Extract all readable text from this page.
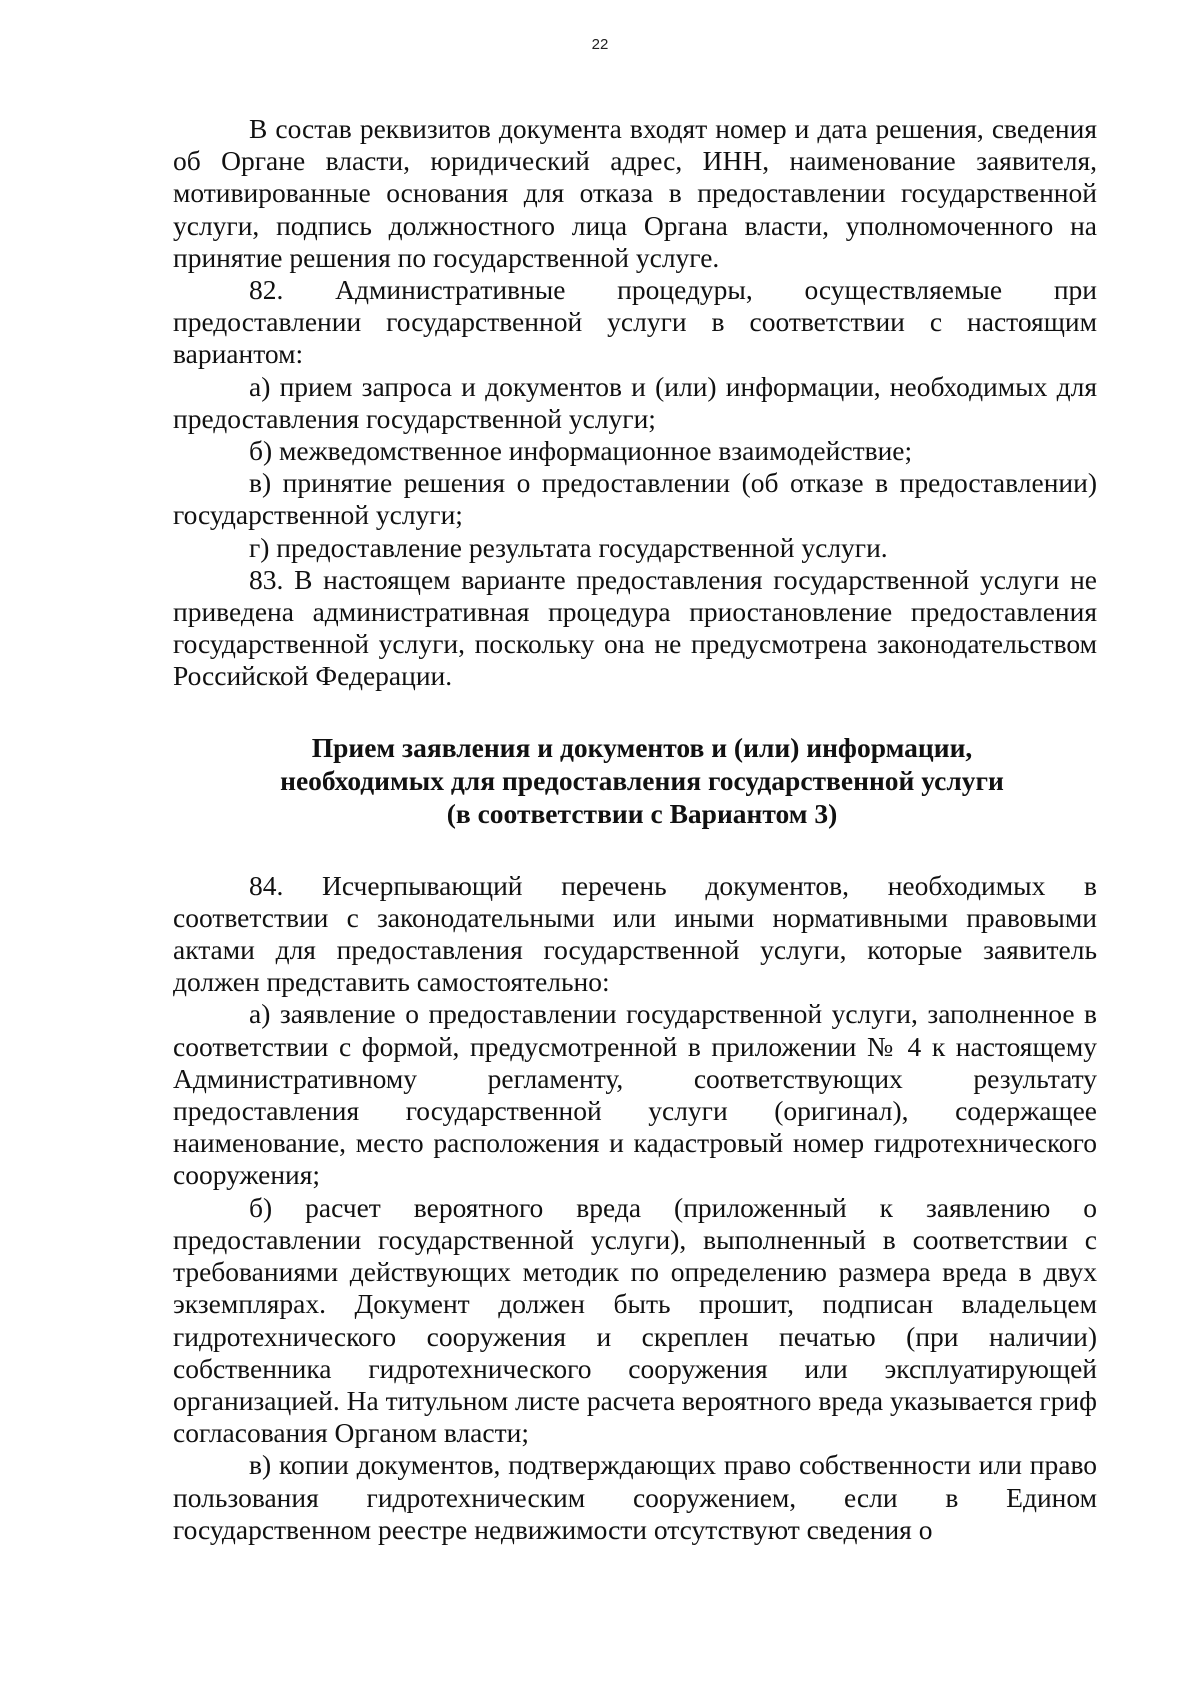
22

В состав реквизитов документа входят номер и дата решения, сведения об Органе власти, юридический адрес, ИНН, наименование заявителя, мотивированные основания для отказа в предоставлении государственной услуги, подпись должностного лица Органа власти, уполномоченного на принятие решения по государственной услуге.

82. Административные процедуры, осуществляемые при предоставлении государственной услуги в соответствии с настоящим вариантом:

а) прием запроса и документов и (или) информации, необходимых для предоставления государственной услуги;

б) межведомственное информационное взаимодействие;

в) принятие решения о предоставлении (об отказе в предоставлении) государственной услуги;

г) предоставление результата государственной услуги.

83. В настоящем варианте предоставления государственной услуги не приведена административная процедура приостановление предоставления государственной услуги, поскольку она не предусмотрена законодательством Российской Федерации.

Прием заявления и документов и (или) информации,
необходимых для предоставления государственной услуги
(в соответствии с Вариантом 3)

84. Исчерпывающий перечень документов, необходимых в соответствии с законодательными или иными нормативными правовыми актами для предоставления государственной услуги, которые заявитель должен представить самостоятельно:

а) заявление о предоставлении государственной услуги, заполненное в соответствии с формой, предусмотренной в приложении № 4 к настоящему Административному регламенту, соответствующих результату предоставления государственной услуги (оригинал), содержащее наименование, место расположения и кадастровый номер гидротехнического сооружения;

б) расчет вероятного вреда (приложенный к заявлению о предоставлении государственной услуги), выполненный в соответствии с требованиями действующих методик по определению размера вреда в двух экземплярах. Документ должен быть прошит, подписан владельцем гидротехнического сооружения и скреплен печатью (при наличии) собственника гидротехнического сооружения или эксплуатирующей организацией. На титульном листе расчета вероятного вреда указывается гриф согласования Органом власти;

в) копии документов, подтверждающих право собственности или право пользования гидротехническим сооружением, если в Едином государственном реестре недвижимости отсутствуют сведения о
